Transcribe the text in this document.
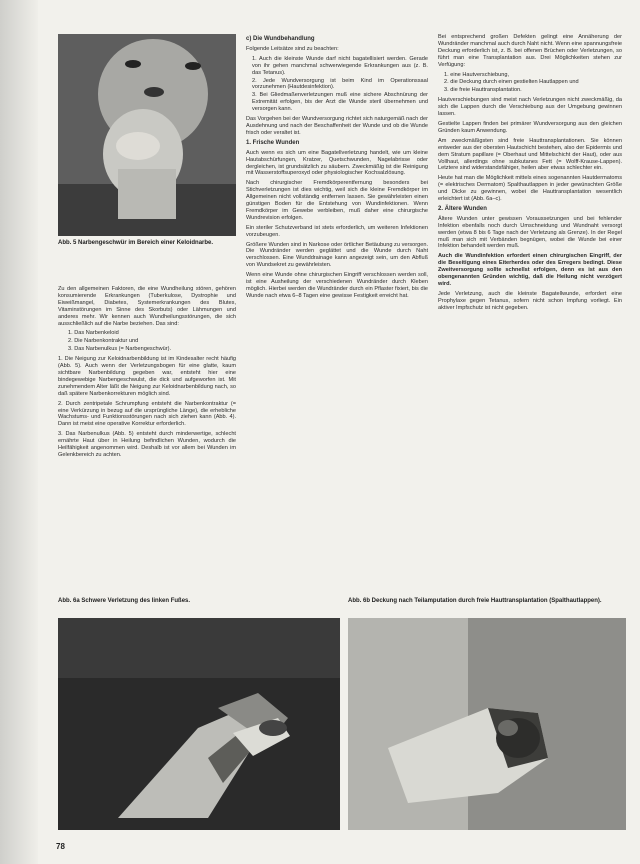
Abb. 5 Narbengeschwür im Bereich einer Keloidnarbe.

Zu den allgemeinen Faktoren, die eine Wundheilung stören, gehören konsumierende Erkrankungen (Tuberkulose, Dystrophie und Eiweißmangel, Diabetes, Systemerkrankungen des Blutes, Vitaminstörungen im Sinne des Skorbuts) oder Lähmungen und anderes mehr. Wir kennen auch Wundheilungsstörungen, die sich ausschließlich auf die Narbe beziehen. Das sind:

1. Das Narbenkeloid
2. Die Narbenkontraktur und
3. Das Narbenulkus (= Narbengeschwür).

1. Die Neigung zur Keloidnarbenbildung ist im Kindesalter recht häufig (Abb. 5). Auch wenn der Verletzungsbogen für eine glatte, kaum sichtbare Narbenbildung gegeben war, entsteht hier eine bindegewebige Narbengeschwulst, die dick und aufgeworfen ist. Mit zunehmendem Alter läßt die Neigung zur Keloidnarbenbildung nach, so daß spätere Narbenkorrekturen möglich sind.

2. Durch zentripetale Schrumpfung entsteht die Narbenkontraktur (= eine Verkürzung in bezug auf die ursprüngliche Länge), die erhebliche Wachstums- und Funktionsstörungen nach sich ziehen kann (Abb. 4). Dann ist meist eine operative Korrektur erforderlich.

3. Das Narbenulkus (Abb. 5) entsteht durch minderwertige, schlecht ernährte Haut über in Heilung befindlichen Wunden, wodurch die Heilfähigkeit angenommen wird. Deshalb ist vor allem bei Wunden im Gelenkbereich zu achten.

c) Die Wundbehandlung

Folgende Leitsätze sind zu beachten:

1. Auch die kleinste Wunde darf nicht bagatellisiert werden. Gerade von ihr gehen manchmal schwerwiegende Erkrankungen aus (z. B. das Tetanus).
2. Jede Wundversorgung ist beim Kind im Operationssaal vorzunehmen (Hautdesinfektion).
3. Bei Gliedmaßenverletzungen muß eine sichere Abschnürung der Extremität erfolgen, bis der Arzt die Wunde steril übernehmen und versorgen kann.

Das Vorgehen bei der Wundversorgung richtet sich naturgemäß nach der Ausdehnung und nach der Beschaffenheit der Wunde und ob die Wunde frisch oder veraltet ist.

1. Frische Wunden

Auch wenn es sich um eine Bagatellverletzung handelt, wie um kleine Hautabschürfungen, Kratzer, Quetschwunden, Nagelabrisse oder dergleichen, ist grundsätzlich zu säubern. Zweckmäßig ist die Reinigung mit Wasserstoffsuperoxyd oder physiologischer Kochsalzlösung.

Nach chirurgischer Fremdkörperentfernung besonders bei Stichverletzungen ist dies wichtig, weil sich die kleine Fremdkörper im Allgemeinen nicht vollständig entfernen lassen. Sie gewährleisten einen günstigen Boden für die Entstehung von Wundinfektionen. Wenn Fremdkörper im Gewebe verbleiben, muß daher eine chirurgische Wundrevision erfolgen.

Ein steriler Schutzverband ist stets erforderlich, um weiteren Infektionen vorzubeugen.

Größere Wunden sind in Narkose oder örtlicher Betäubung zu versorgen. Die Wundränder werden geglättet und die Wunde durch Naht verschlossen. Eine Wunddrainage kann angezeigt sein, um den Abfluß von Wundsekret zu gewährleisten.

Wenn eine Wunde ohne chirurgischen Eingriff verschlossen werden soll, ist eine Ausheilung der verschiedenen Wundränder durch Kleben möglich. Hierbei werden die Wundränder durch ein Pflaster fixiert, bis die Wunde nach etwa 6–8 Tagen eine gewisse Festigkeit erreicht hat.

Bei entsprechend großen Defekten gelingt eine Annäherung der Wundränder manchmal auch durch Naht nicht. Wenn eine spannungsfreie Deckung erforderlich ist, z. B. bei offenen Brüchen oder Verletzungen, so führt man eine Transplantation aus. Drei Möglichkeiten stehen zur Verfügung:

1. eine Hautverschiebung,
2. die Deckung durch einen gestielten Hautlappen und
3. die freie Hauttransplantation.

Hautverschiebungen sind meist nach Verletzungen nicht zweckmäßig, da sich die Lappen durch die Verschiebung aus der Umgebung gewinnen lassen.

Gestielte Lappen finden bei primärer Wundversorgung aus den gleichen Gründen kaum Anwendung.

Am zweckmäßigsten sind freie Hauttransplantationen. Sie können entweder aus der obersten Hautschicht bestehen, also der Epidermis und dem Stratum papillare (= Oberhaut und Mittelschicht der Haut), oder aus Vollhaut, allerdings ohne subkutanes Fett (= Wolff-Krause-Lappen). Letztere sind widerstandsfähiger, heilen aber etwas schlechter ein.

Heute hat man die Möglichkeit mittels eines sogenannten Hautdermatoms (= elektrisches Dermatom) Spalthautlappen in jeder gewünschten Größe und Dicke zu gewinnen, wobei die Hauttransplantation wesentlich erleichtert ist (Abb. 6a–c).

2. Ältere Wunden

Ältere Wunden unter gewissen Voraussetzungen und bei fehlender Infektion ebenfalls noch durch Umschneidung und Wundnaht versorgt werden (etwa 8 bis 6 Tage nach der Verletzung als Grenze). In der Regel muß man sich mit Verbänden begnügen, wobei die Wunde bei einer Infektion behandelt werden muß.

Auch die Wundinfektion erfordert einen chirurgischen Eingriff, der die Beseitigung eines Eiterherdes oder des Erregers bedingt. Diese Zweitversorgung sollte schnellst erfolgen, denn es ist aus den obengenannten Gründen wichtig, daß die Heilung nicht verzögert wird.

Jede Verletzung, auch die kleinste Bagatellwunde, erfordert eine Prophylaxe gegen Tetanus, sofern nicht schon Impfung vorliegt. Ein aktiver Impfschutz ist nicht gegeben.

Abb. 6a Schwere Verletzung des linken Fußes.	Abb. 6b Deckung nach Teilamputation durch freie Hauttransplantation (Spalthautlappen).
78
